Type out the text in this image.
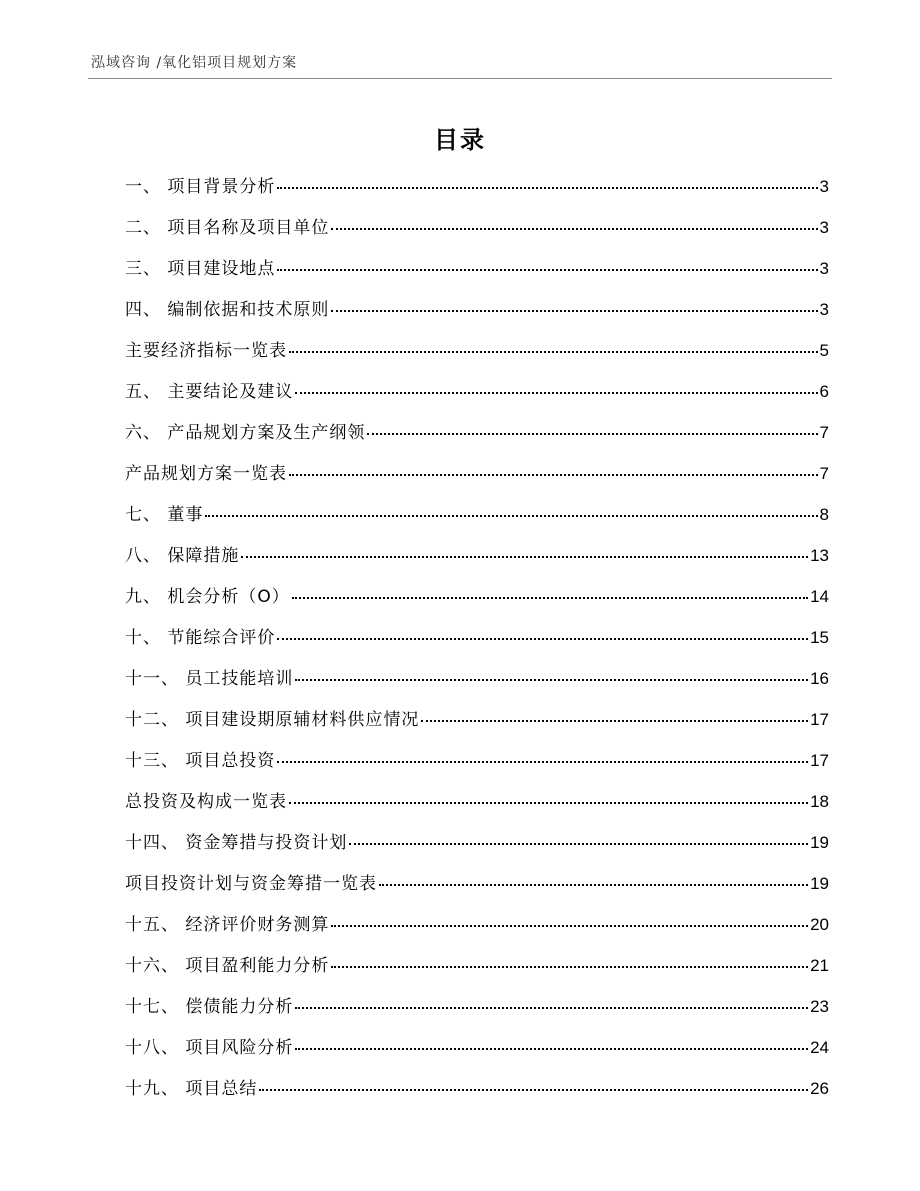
泓域咨询 /氧化铝项目规划方案
目录
一、 项目背景分析	3
二、 项目名称及项目单位	3
三、 项目建设地点	3
四、 编制依据和技术原则	3
主要经济指标一览表	5
五、 主要结论及建议	6
六、 产品规划方案及生产纲领	7
产品规划方案一览表	7
七、 董事	8
八、 保障措施	13
九、 机会分析（O）	14
十、 节能综合评价	15
十一、 员工技能培训	16
十二、 项目建设期原辅材料供应情况	17
十三、 项目总投资	17
总投资及构成一览表	18
十四、 资金筹措与投资计划	19
项目投资计划与资金筹措一览表	19
十五、 经济评价财务测算	20
十六、 项目盈利能力分析	21
十七、 偿债能力分析	23
十八、 项目风险分析	24
十九、 项目总结	26
